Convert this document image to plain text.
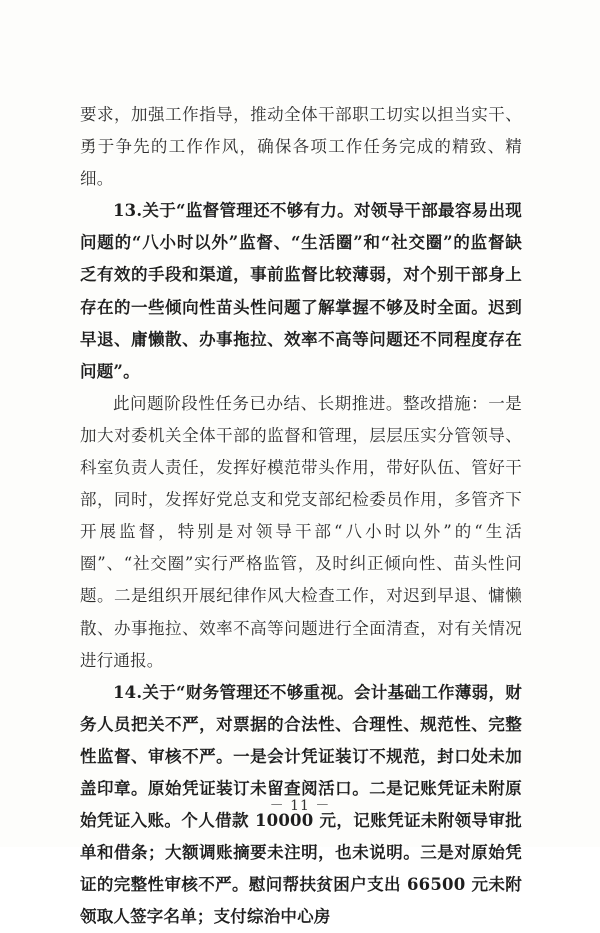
要求，加强工作指导，推动全体干部职工切实以担当实干、勇于争先的工作作风，确保各项工作任务完成的精致、精细。

13.关于“监督管理还不够有力。对领导干部最容易出现问题的“八小时以外”监督、“生活圈”和“社交圈”的监督缺乏有效的手段和渠道，事前监督比较薄弱，对个别干部身上存在的一些倾向性苗头性问题了解掌握不够及时全面。迟到早退、庸懒散、办事拖拉、效率不高等问题还不同程度存在问题”。

此问题阶段性任务已办结、长期推进。整改措施：一是加大对委机关全体干部的监督和管理，层层压实分管领导、科室负责人责任，发挥好模范带头作用，带好队伍、管好干部，同时，发挥好党总支和党支部纪检委员作用，多管齐下开展监督，特别是对领导干部“八小时以外”的“生活圈”、“社交圈”实行严格监管，及时纠正倾向性、苗头性问题。二是组织开展纪律作风大检查工作，对迟到早退、慵懒散、办事拖拉、效率不高等问题进行全面清查，对有关情况进行通报。

14.关于“财务管理还不够重视。会计基础工作薄弱，财务人员把关不严，对票据的合法性、合理性、规范性、完整性监督、审核不严。一是会计凭证装订不规范，封口处未加盖印章。原始凭证装订未留查阅活口。二是记账凭证未附原始凭证入账。个人借款 10000 元，记账凭证未附领导审批单和借条；大额调账摘要未注明，也未说明。三是对原始凭证的完整性审核不严。慰问帮扶贫困户支出 66500 元未附领取人签字名单；支付综治中心房

－ 11 －
